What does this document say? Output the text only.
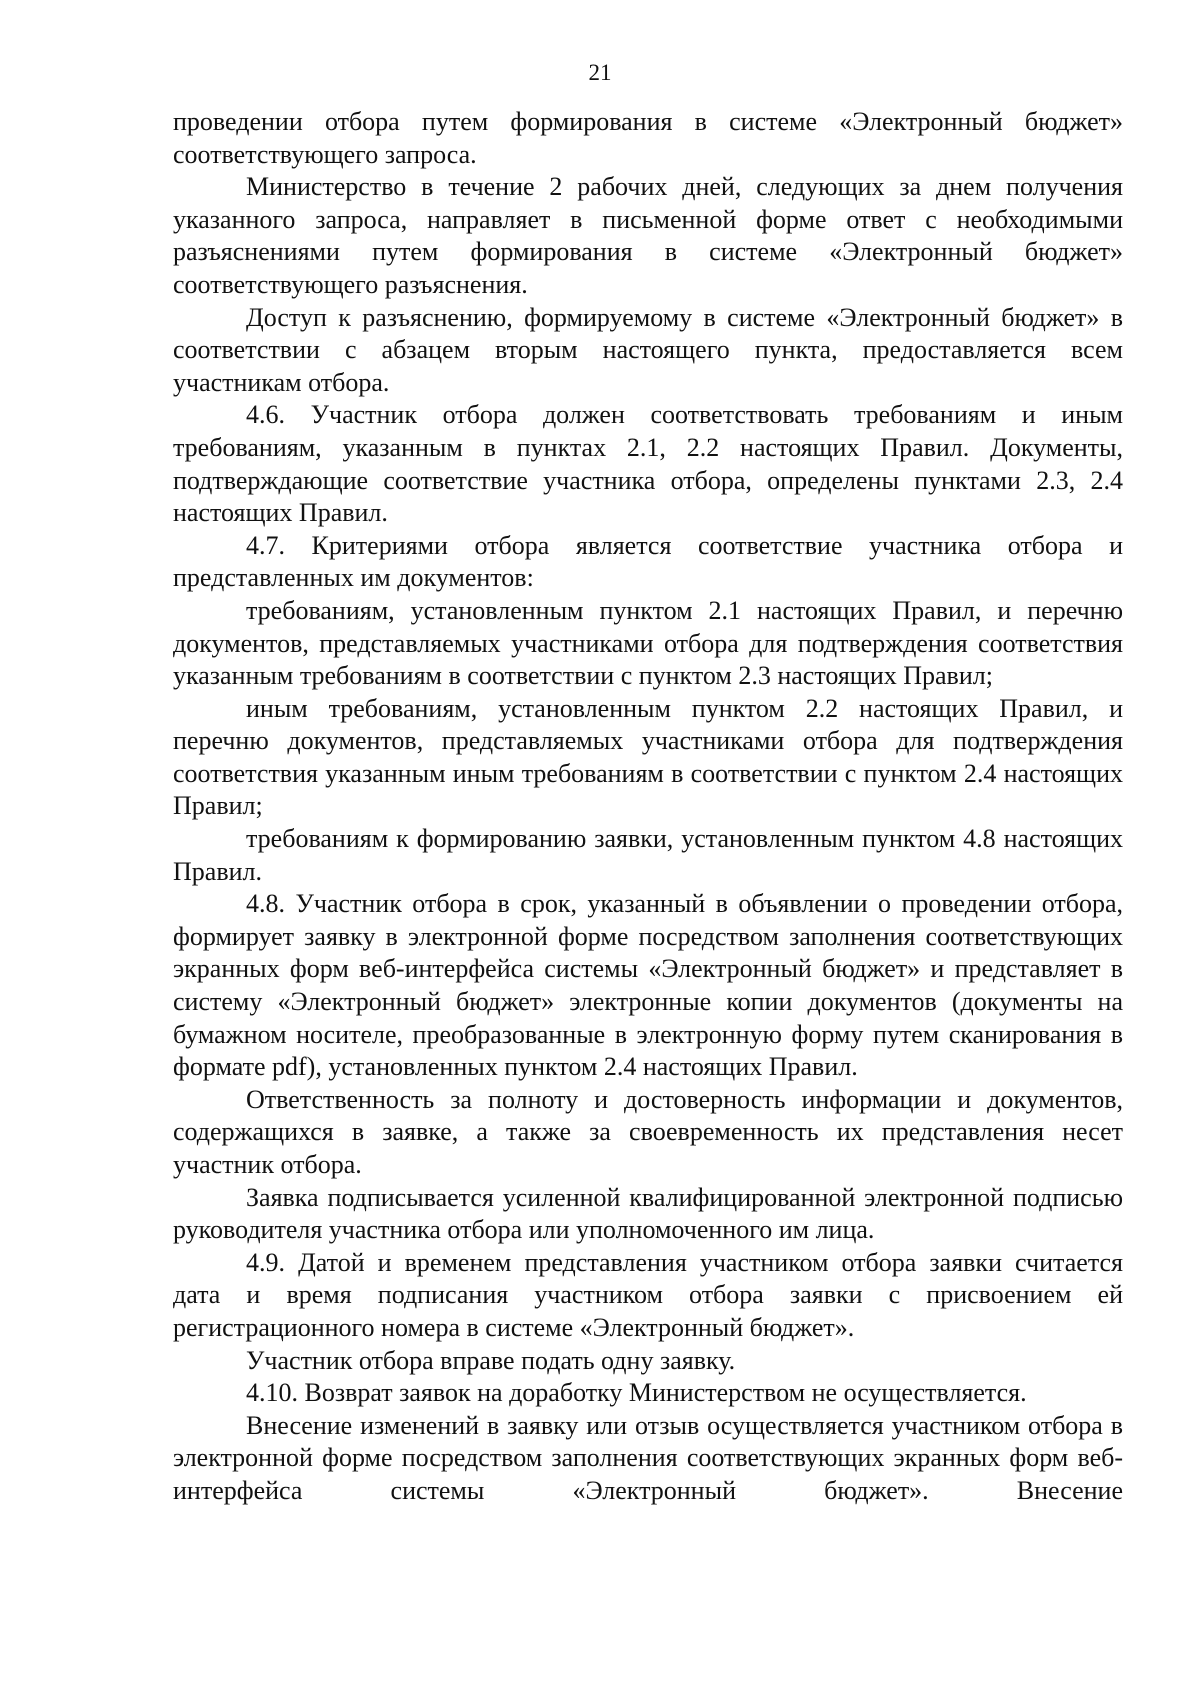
21

проведении отбора путем формирования в системе «Электронный бюджет» соответствующего запроса.

Министерство в течение 2 рабочих дней, следующих за днем получения указанного запроса, направляет в письменной форме ответ с необходимыми разъяснениями путем формирования в системе «Электронный бюджет» соответствующего разъяснения.

Доступ к разъяснению, формируемому в системе «Электронный бюджет» в соответствии с абзацем вторым настоящего пункта, предоставляется всем участникам отбора.

4.6. Участник отбора должен соответствовать требованиям и иным требованиям, указанным в пунктах 2.1, 2.2 настоящих Правил. Документы, подтверждающие соответствие участника отбора, определены пунктами 2.3, 2.4 настоящих Правил.

4.7. Критериями отбора является соответствие участника отбора и представленных им документов:

требованиям, установленным пунктом 2.1 настоящих Правил, и перечню документов, представляемых участниками отбора для подтверждения соответствия указанным требованиям в соответствии с пунктом 2.3 настоящих Правил;

иным требованиям, установленным пунктом 2.2 настоящих Правил, и перечню документов, представляемых участниками отбора для подтверждения соответствия указанным иным требованиям в соответствии с пунктом 2.4 настоящих Правил;

требованиям к формированию заявки, установленным пунктом 4.8 настоящих Правил.

4.8. Участник отбора в срок, указанный в объявлении о проведении отбора, формирует заявку в электронной форме посредством заполнения соответствующих экранных форм веб-интерфейса системы «Электронный бюджет» и представляет в систему «Электронный бюджет» электронные копии документов (документы на бумажном носителе, преобразованные в электронную форму путем сканирования в формате pdf), установленных пунктом 2.4 настоящих Правил.

Ответственность за полноту и достоверность информации и документов, содержащихся в заявке, а также за своевременность их представления несет участник отбора.

Заявка подписывается усиленной квалифицированной электронной подписью руководителя участника отбора или уполномоченного им лица.

4.9. Датой и временем представления участником отбора заявки считается дата и время подписания участником отбора заявки с присвоением ей регистрационного номера в системе «Электронный бюджет».

Участник отбора вправе подать одну заявку.

4.10. Возврат заявок на доработку Министерством не осуществляется.

Внесение изменений в заявку или отзыв осуществляется участником отбора в электронной форме посредством заполнения соответствующих экранных форм веб-интерфейса системы «Электронный бюджет». Внесение
